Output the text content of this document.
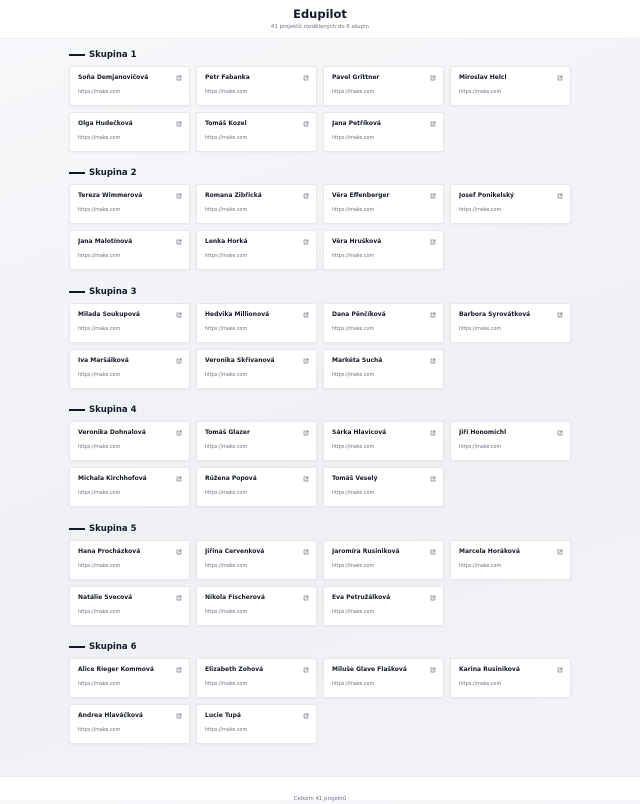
Edupilot
41 projektů rozdělených do 6 skupin
Skupina 1
Soňa Demjanovičová
https://make.com
Petr Fabanka
https://make.com
Pavel Grittner
https://make.com
Miroslav Helcl
https://make.com
Olga Hudečková
https://make.com
Tomáš Kozel
https://make.com
Jana Petříková
https://make.com
Skupina 2
Tereza Wimmerová
https://make.com
Romana Žibřická
https://make.com
Věra Effenberger
https://make.com
Josef Ponikelský
https://make.com
Jana Malotínová
https://make.com
Lenka Horká
https://make.com
Věra Hrušková
https://make.com
Skupina 3
Milada Soukupová
https://make.com
Hedvika Millionová
https://make.com
Dana Pěnčíková
https://make.com
Barbora Syrovátková
https://make.com
Iva Maršálková
https://make.com
Veronika Skřivanová
https://make.com
Markéta Suchá
https://make.com
Skupina 4
Veronika Dohnalová
https://make.com
Tomáš Glazer
https://make.com
Šárka Hlavicová
https://make.com
Jiří Honomichl
https://make.com
Michala Kirchhofová
https://make.com
Růžena Popová
https://make.com
Tomáš Veselý
https://make.com
Skupina 5
Hana Procházková
https://make.com
Jiřina Červenková
https://make.com
Jaromíra Rusiniková
https://make.com
Marcela Horáková
https://make.com
Natálie Švecová
https://make.com
Nikola Fischerová
https://make.com
Eva Petružálková
https://make.com
Skupina 6
Alice Rieger Kommová
https://make.com
Elizabeth Žohová
https://make.com
Miluše Glave Flašková
https://make.com
Karina Rusiniková
https://make.com
Andrea Hlaváčková
https://make.com
Lucie Tupá
https://make.com
Celkem 41 projektů
